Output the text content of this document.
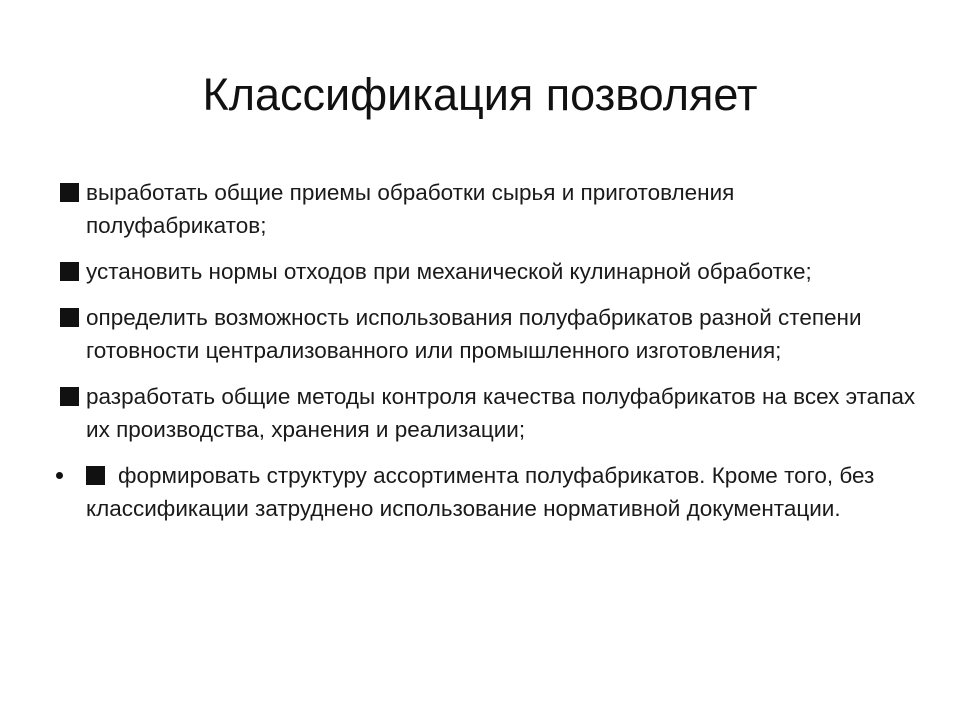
Классификация позволяет
выработать общие приемы обработки сырья и приготовления полуфабрикатов;
установить нормы отходов при механической кулинарной обработке;
определить возможность использования полуфабрикатов разной степени готовности централизованного или промышленного изготовления;
разработать общие методы контроля качества полуфабрикатов на всех этапах их производства, хранения и реализации;
формировать структуру ассортимента полуфабрикатов. Кроме того, без классификации затруднено использование нормативной документации.
